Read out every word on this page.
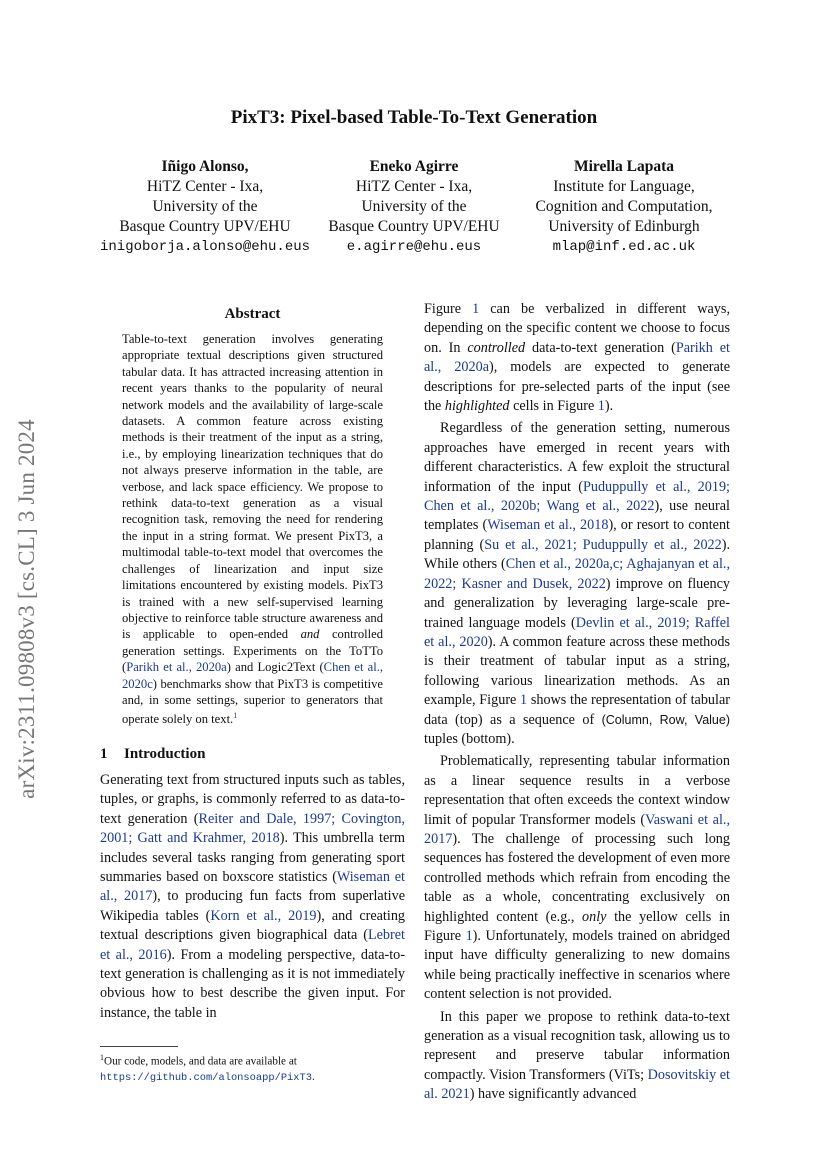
arXiv:2311.09808v3 [cs.CL] 3 Jun 2024
PixT3: Pixel-based Table-To-Text Generation
Iñigo Alonso,
HiTZ Center - Ixa,
University of the
Basque Country UPV/EHU
inigoborja.alonso@ehu.eus
Eneko Agirre
HiTZ Center - Ixa,
University of the
Basque Country UPV/EHU
e.agirre@ehu.eus
Mirella Lapata
Institute for Language,
Cognition and Computation,
University of Edinburgh
mlap@inf.ed.ac.uk
Abstract

Table-to-text generation involves generating appropriate textual descriptions given structured tabular data. It has attracted increasing attention in recent years thanks to the popularity of neural network models and the availability of large-scale datasets. A common feature across existing methods is their treatment of the input as a string, i.e., by employing linearization techniques that do not always preserve information in the table, are verbose, and lack space efficiency. We propose to rethink data-to-text generation as a visual recognition task, removing the need for rendering the input in a string format. We present PixT3, a multimodal table-to-text model that overcomes the challenges of linearization and input size limitations encountered by existing models. PixT3 is trained with a new self-supervised learning objective to reinforce table structure awareness and is applicable to open-ended and controlled generation settings. Experiments on the ToTTo (Parikh et al., 2020a) and Logic2Text (Chen et al., 2020c) benchmarks show that PixT3 is competitive and, in some settings, superior to generators that operate solely on text.$^1$

1 Introduction

Generating text from structured inputs such as tables, tuples, or graphs, is commonly referred to as data-to-text generation (Reiter and Dale, 1997; Covington, 2001; Gatt and Krahmer, 2018). This umbrella term includes several tasks ranging from generating sport summaries based on boxscore statistics (Wiseman et al., 2017), to producing fun facts from superlative Wikipedia tables (Korn et al., 2019), and creating textual descriptions given biographical data (Lebret et al., 2016). From a modeling perspective, data-to-text generation is challenging as it is not immediately obvious how to best describe the given input. For instance, the table in

Figure 1 can be verbalized in different ways, depending on the specific content we choose to focus on. In controlled data-to-text generation (Parikh et al., 2020a), models are expected to generate descriptions for pre-selected parts of the input (see the highlighted cells in Figure 1).

Regardless of the generation setting, numerous approaches have emerged in recent years with different characteristics. A few exploit the structural information of the input (Puduppully et al., 2019; Chen et al., 2020b; Wang et al., 2022), use neural templates (Wiseman et al., 2018), or resort to content planning (Su et al., 2021; Puduppully et al., 2022). While others (Chen et al., 2020a,c; Aghajanyan et al., 2022; Kasner and Dusek, 2022) improve on fluency and generalization by leveraging large-scale pre-trained language models (Devlin et al., 2019; Raffel et al., 2020). A common feature across these methods is their treatment of tabular input as a string, following various linearization methods. As an example, Figure 1 shows the representation of tabular data (top) as a sequence of (Column, Row, Value) tuples (bottom).

Problematically, representing tabular information as a linear sequence results in a verbose representation that often exceeds the context window limit of popular Transformer models (Vaswani et al., 2017). The challenge of processing such long sequences has fostered the development of even more controlled methods which refrain from encoding the table as a whole, concentrating exclusively on highlighted content (e.g., only the yellow cells in Figure 1). Unfortunately, models trained on abridged input have difficulty generalizing to new domains while being practically ineffective in scenarios where content selection is not provided.

In this paper we propose to rethink data-to-text generation as a visual recognition task, allowing us to represent and preserve tabular information compactly. Vision Transformers (ViTs; Dosovitskiy et al. 2021) have significantly advanced

$^1$Our code, models, and data are available at https://github.com/alonsoapp/PixT3.
